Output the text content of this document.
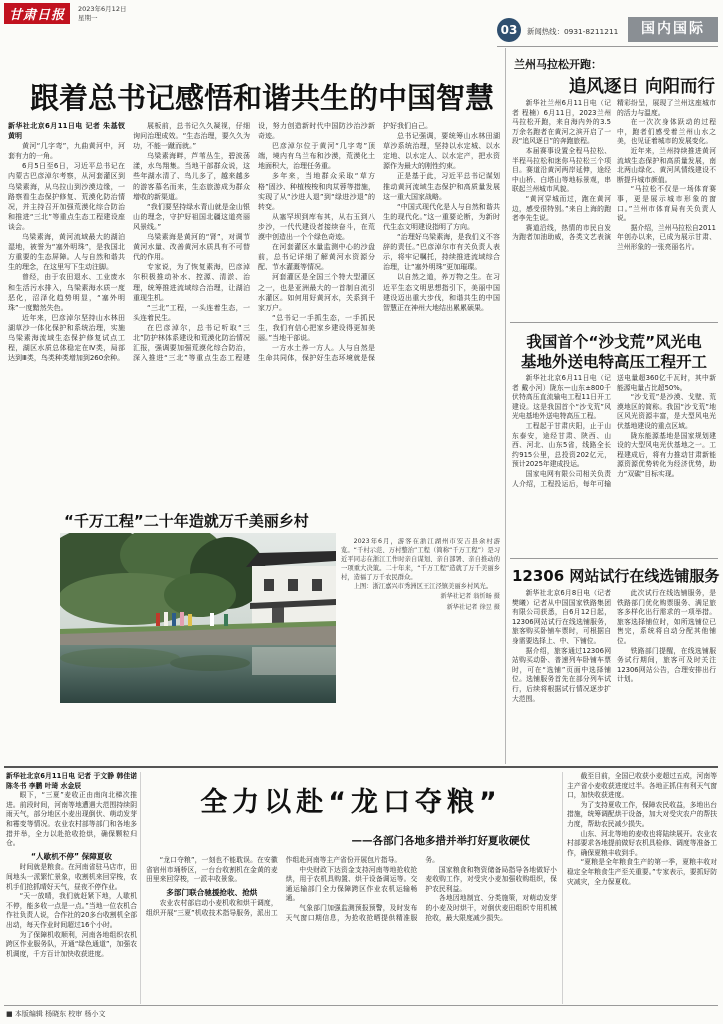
甘肃日报	2023年6月12日
星期一
03	新闻热线：0931-8211211	国内国际
跟着总书记感悟和谐共生的中国智慧

新华社北京6月11日电 记者 朱基钗 黄明

黄河“几字弯”，九曲黄河中，河套有力的一角。

6月5日至6日，习近平总书记在内蒙古巴彦淖尔考察，从河套灌区到乌梁素海，从乌拉山到沙漠边缘，一路察看生态保护修复、荒漠化防治情况，并主持召开加强荒漠化综合防治和推进“三北”等重点生态工程建设座谈会。

乌梁素海，黄河流域最大的湖泊湿地，被誉为“塞外明珠”，是我国北方重要的生态屏障。人与自然和谐共生的理念，在这里写下生动注脚。

曾经，由于农田退水、工业废水和生活污水排入，乌梁素海水质一度恶化，沼泽化趋势明显，“塞外明珠”一度黯然失色。

近年来，巴彦淖尔坚持山水林田湖草沙一体化保护和系统治理，实施乌梁素海流域生态保护修复试点工程，湖区水质总体稳定在Ⅳ类，局部达到Ⅲ类，鸟类种类增加到260余种。

展板前，总书记久久凝视，仔细询问治理成效。“生态治理，要久久为功，不能一蹴而就。”

乌梁素海畔，芦苇丛生，碧波荡漾，水鸟翔集。当地干部群众说，这些年湖水清了、鸟儿多了，越来越多的游客慕名而来，生态旅游成为群众增收的新渠道。

“我们要坚持绿水青山就是金山银山的理念，守护好祖国北疆这道亮丽风景线。”

乌梁素海是黄河的“肾”，对调节黄河水量、改善黄河水质具有不可替代的作用。

专家说，为了恢复素海，巴彦淖尔积极推动补水、控源、清淤、治理，统筹推进流域综合治理，让湖泊重现生机。

“三北”工程，一头连着生态，一头连着民生。

在巴彦淖尔，总书记听取“三北”防护林体系建设和荒漠化防治情况汇报，强调要加强荒漠化综合防治，深入推进“三北”等重点生态工程建设，努力创造新时代中国防沙治沙新奇迹。

巴彦淖尔位于黄河“几字弯”顶端，境内有乌兰布和沙漠，荒漠化土地面积大，治理任务重。

多年来，当地群众采取“草方格”固沙、种植梭梭和肉苁蓉等措施，实现了从“沙进人退”到“绿进沙退”的转变。

从塞罕坝到库布其，从右玉到八步沙，一代代建设者接续奋斗，在荒漠中创造出一个个绿色奇迹。

在河套灌区水量监测中心的沙盘前，总书记详细了解黄河水资源分配、节水灌溉等情况。

河套灌区是全国三个特大型灌区之一，也是亚洲最大的一首制自流引水灌区。如何用好黄河水，关系到千家万户。

“总书记一手抓生态，一手抓民生，我们有信心把家乡建设得更加美丽。”当地干部说。

一方水土养一方人。人与自然是生命共同体，保护好生态环境就是保护好我们自己。

总书记强调，要统筹山水林田湖草沙系统治理，坚持以水定城、以水定地、以水定人、以水定产，把水资源作为最大的刚性约束。

正是基于此，习近平总书记谋划推动黄河流域生态保护和高质量发展这一重大国家战略。

“中国式现代化是人与自然和谐共生的现代化。”这一重要论断，为新时代生态文明建设指明了方向。

“治理好乌梁素海，是我们义不容辞的责任。”巴彦淖尔市有关负责人表示，将牢记嘱托，持续推进流域综合治理，让“塞外明珠”更加璀璨。

以自然之道，养万物之生。在习近平生态文明思想指引下，美丽中国建设迈出重大步伐，和谐共生的中国智慧正在神州大地结出累累硕果。

“千万工程”二十年造就万千美丽乡村

2023年6月，游客在浙江湖州市安吉县余村游览。“千村示范、万村整治”工程（简称“千万工程”）是习近平同志在浙江工作时亲自谋划、亲自部署、亲自推动的一项重大决策。二十年来，“千万工程”造就了万千美丽乡村，造福了万千农民群众。

上图：浙江嘉兴市秀洲区王江泾镇美丽乡村风光。

新华社记者 翁忻旸 摄

新华社记者 徐昱 摄

兰州马拉松开跑：
追风逐日 向阳而行

新华社兰州6月11日电（记者 程楠）6月11日，2023兰州马拉松开跑，来自海内外的3.5万余名跑者在黄河之滨开启了一段“追风逐日”的奔跑旅程。

本届赛事设置全程马拉松、半程马拉松和迷你马拉松三个项目。赛道沿黄河两岸延伸，途经中山桥、白塔山等地标景观，串联起兰州城市风貌。

“黄河穿城而过，跑在黄河边，感受很特别。”来自上海的跑者李先生说。

赛道沿线，热情的市民自发为跑者加油助威，各类文艺表演精彩纷呈，展现了兰州这座城市的活力与温度。

在一次次身体跃动的过程中，跑者们感受着兰州山水之美，也见证着城市的发展变化。

近年来，兰州持续推进黄河流域生态保护和高质量发展，南北两山绿化、黄河风情线建设不断提升城市颜值。

“马拉松不仅是一场体育赛事，更是展示城市形象的窗口。”兰州市体育局有关负责人说。

据介绍，兰州马拉松自2011年创办以来，已成为展示甘肃、兰州形象的一张亮丽名片。

我国首个“沙戈荒”风光电
基地外送电特高压工程开工

新华社北京6月11日电（记者 戴小河）陇东—山东±800千伏特高压直流输电工程11日开工建设。这是我国首个“沙戈荒”风光电基地外送电特高压工程。

工程起于甘肃庆阳，止于山东泰安，途经甘肃、陕西、山西、河北、山东5省，线路全长约915公里，总投资202亿元，预计2025年建成投运。

国家电网有限公司相关负责人介绍，工程投运后，每年可输送电量超360亿千瓦时，其中新能源电量占比超50%。

“沙戈荒”是沙漠、戈壁、荒漠地区的简称。我国“沙戈荒”地区风光资源丰富，是大型风电光伏基地建设的重点区域。

陇东能源基地是国家规划建设的大型风电光伏基地之一。工程建成后，将有力推动甘肃新能源资源优势转化为经济优势，助力“双碳”目标实现。

12306 网站试行在线选铺服务

新华社北京6月8日电（记者 樊曦）记者从中国国家铁路集团有限公司获悉，自6月12日起，12306网站试行在线选铺服务，旅客购买卧铺车票时，可根据自身需要选择上、中、下铺位。

据介绍，旅客通过12306网站购买动卧、普速列车卧铺车票时，可在“选铺”页面中选择铺位。选铺服务首先在部分列车试行，后续将根据试行情况逐步扩大范围。

此次试行在线选铺服务，是铁路部门优化购票服务、满足旅客多样化出行需求的一项举措。旅客选择铺位时，如所选铺位已售完，系统将自动分配其他铺位。

铁路部门提醒，在线选铺服务试行期间，旅客可及时关注12306网站公告，合理安排出行计划。

新华社北京6月11日电 记者 于文静 韩佳诺 陈冬书 李鹏 叶琦 水金辰

眼下，“三夏”麦收正由南向北梯次推进。前段时间，河南等地遭遇大范围持续阴雨天气，部分地区小麦出现倒伏、萌动发芽和霉变等情况。农业农村部等部门和各地多措并举，全力以赴抢收抢烘，确保颗粒归仓。

“人歇机不停” 保障夏收

时间就是粮食。在河南省驻马店市，田间地头一派繁忙景象，收割机来回穿梭，农机手们抢抓晴好天气，昼夜不停作业。

“天一放晴，我们就赶紧下地，人歇机不停，能多收一点是一点。”当地一位农机合作社负责人说，合作社的20多台收割机全部出动，每天作业时间超过16个小时。

为了保障机收顺利，河南各地组织农机跨区作业服务队，开通“绿色通道”，加强农机调度，千方百计加快收获进度。

全力以赴“龙口夺粮”
——各部门各地多措并举打好夏收硬仗

“龙口夺粮”，一刻也不能耽误。在安徽省宿州市埇桥区，一台台收割机在金黄的麦田里来回穿梭，一派丰收景象。

多部门联合驰援抢收、抢烘

农业农村部启动小麦机收和烘干调度，组织开展“三夏”机收技术指导服务，派出工作组赴河南等主产省份开展包片指导。

中央财政下达资金支持河南等地抢收抢烘，用于农机具购置、烘干设备调运等。交通运输部门全力保障跨区作业农机运输畅通。

气象部门加强监测预报预警，及时发布天气窗口期信息，为抢收抢晒提供精准服务。

国家粮食和物资储备局指导各地做好小麦收购工作，对受灾小麦加强收购组织，保护农民利益。

各地因地制宜、分类施策，对萌动发芽的小麦及时烘干，对倒伏麦田组织专用机械抢收，最大限度减少损失。

截至目前，全国已收获小麦超过五成，河南等主产省小麦收获进度过半。各地正抓住有利天气窗口，加快收获进度。

为了支持夏收工作，保障农民收益，多地出台措施，统筹调配烘干设备，加大对受灾农户的帮扶力度，帮助农民减少损失。

山东、河北等地的麦收也将陆续展开。农业农村部要求各地提前做好农机具检修、调度等准备工作，确保夏粮丰收到手。

“夏粮是全年粮食生产的第一季，夏粮丰收对稳定全年粮食生产至关重要。”专家表示，要抓好防灾减灾，全力保夏收。

■ 本版编辑 杨晓东 校审 杨小文
